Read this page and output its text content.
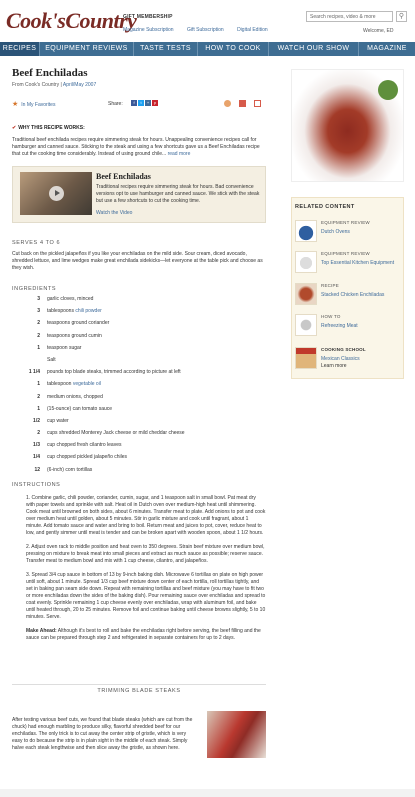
Cook'sCountry
GIFT MEMBERSHIP
Magazine Subscription	Gift Subscription	Digital Edition
Search recipes, video & more	⚲
Welcome, ED
RECIPES	EQUIPMENT REVIEWS	TASTE TESTS	HOW TO COOK	WATCH OUR SHOW	MAGAZINE
Beef Enchiladas
From Cook's Country | April/May 2007
★ In My Favorites	Share:	f	t	+	p
✔ WHY THIS RECIPE WORKS:
Traditional beef enchilada recipes require simmering steak for hours. Unappealing convenience recipes call for hamburger and canned sauce. Sticking to the steak and using a few shortcuts gave us a Beef Enchiladas recipe that cut the cooking time considerably. Instead of using ground chile... read more
Beef Enchiladas
Traditional recipes require simmering steak for hours. Bad convenience versions opt to use hamburger and canned sauce. We stick with the steak but use a few shortcuts to cut the cooking time.
Watch the Video
SERVES 4 TO 6
Cut back on the pickled jalapeños if you like your enchiladas on the mild side. Sour cream, diced avocado, shredded lettuce, and lime wedges make great enchilada sidekicks—let everyone at the table pick and choose as they wish.
INGREDIENTS
3 garlic cloves, minced
3 tablespoons chili powder
2 teaspoons ground coriander
2 teaspoons ground cumin
1 teaspoon sugar
Salt
1 1/4 pounds top blade steaks, trimmed according to picture at left
1 tablespoon vegetable oil
2 medium onions, chopped
1 (15-ounce) can tomato sauce
1/2 cup water
2 cups shredded Monterey Jack cheese or mild cheddar cheese
1/3 cup chopped fresh cilantro leaves
1/4 cup chopped pickled jalapeño chiles
12 (6-inch) corn tortillas
INSTRUCTIONS

1. Combine garlic, chili powder, coriander, cumin, sugar, and 1 teaspoon salt in small bowl. Pat meat dry with paper towels and sprinkle with salt. Heat oil in Dutch oven over medium-high heat until shimmering. Cook meat until browned on both sides, about 6 minutes. Transfer meat to plate. Add onions to pot and cook over medium heat until golden, about 5 minutes. Stir in garlic mixture and cook until fragrant, about 1 minute. Add tomato sauce and water and bring to boil. Return meat and juices to pot, cover, reduce heat to low, and gently simmer until meat is tender and can be broken apart with wooden spoon, about 1 1/2 hours.

2. Adjust oven rack to middle position and heat oven to 350 degrees. Strain beef mixture over medium bowl, pressing on mixture to break meat into small pieces and extract as much sauce as possible; reserve sauce. Transfer meat to medium bowl and mix with 1 cup cheese, cilantro, and jalapeños.

3. Spread 3/4 cup sauce in bottom of 13 by 9-inch baking dish. Microwave 6 tortillas on plate on high power until soft, about 1 minute. Spread 1/3 cup beef mixture down center of each tortilla, roll tortillas tightly, and set in baking pan seam side down. Repeat with remaining tortillas and beef mixture (you may have to fit two or more enchiladas down the sides of the baking dish). Pour remaining sauce over enchiladas and spread to coat evenly. Sprinkle remaining 1 cup cheese evenly over enchiladas, wrap with aluminum foil, and bake until heated through, 20 to 25 minutes. Remove foil and continue baking until cheese browns slightly, 5 to 10 minutes. Serve.

Make Ahead: Although it's best to roll and bake the enchiladas right before serving, the beef filling and the sauce can be prepared through step 2 and refrigerated in separate containers for up to 2 days.

TRIMMING BLADE STEAKS
After testing various beef cuts, we found that blade steaks (which are cut from the chuck) had enough marbling to produce silky, flavorful shredded beef for our enchiladas. The only trick is to cut away the center strip of gristle, which is very easy to do because the strip is in plain sight in the middle of each steak. Simply halve each steak lengthwise and then slice away the gristle, as shown here.
RELATED CONTENT
EQUIPMENT REVIEW
Dutch Ovens
EQUIPMENT REVIEW
Top Essential Kitchen Equipment
RECIPE
Stacked Chicken Enchiladas
HOW TO
Refreezing Meat
COOKING SCHOOL
Mexican Classics
Learn more
